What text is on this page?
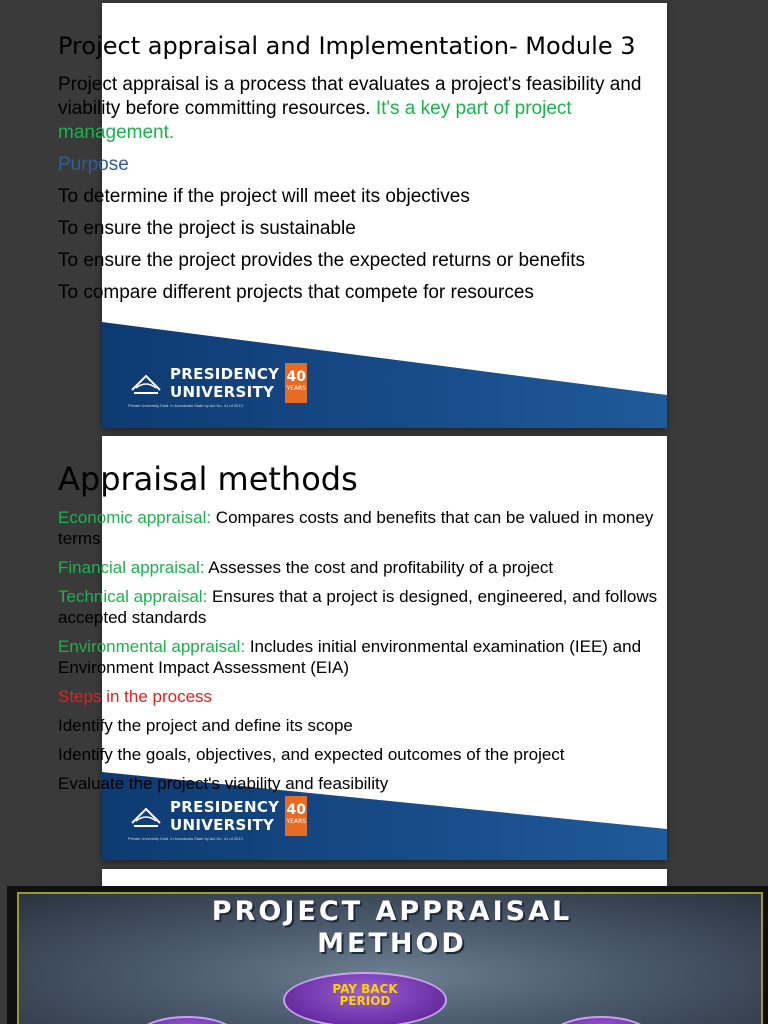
PRESIDENCY
UNIVERSITY
40
YEARS
Private University Estd. in Karnataka State by Act No. 41 of 2013
PRESIDENCY
UNIVERSITY
40
YEARS
Private University Estd. in Karnataka State by Act No. 41 of 2013
Project appraisal and Implementation- Module 3
Project appraisal is a process that evaluates a project's feasibility and
viability before committing resources. It's a key part of project
management.
Purpose
To determine if the project will meet its objectives
To ensure the project is sustainable
To ensure the project provides the expected returns or benefits
To compare different projects that compete for resources
Appraisal methods
Economic appraisal: Compares costs and benefits that can be valued in money
terms
Financial appraisal: Assesses the cost and profitability of a project
Technical appraisal: Ensures that a project is designed, engineered, and follows
accepted standards
Environmental appraisal: Includes initial environmental examination (IEE) and
Environment Impact Assessment (EIA)
Steps in the process
Identify the project and define its scope
Identify the goals, objectives, and expected outcomes of the project
Evaluate the project's viability and feasibility
PROJECT APPRAISAL
METHOD
PAY BACK
PERIOD
